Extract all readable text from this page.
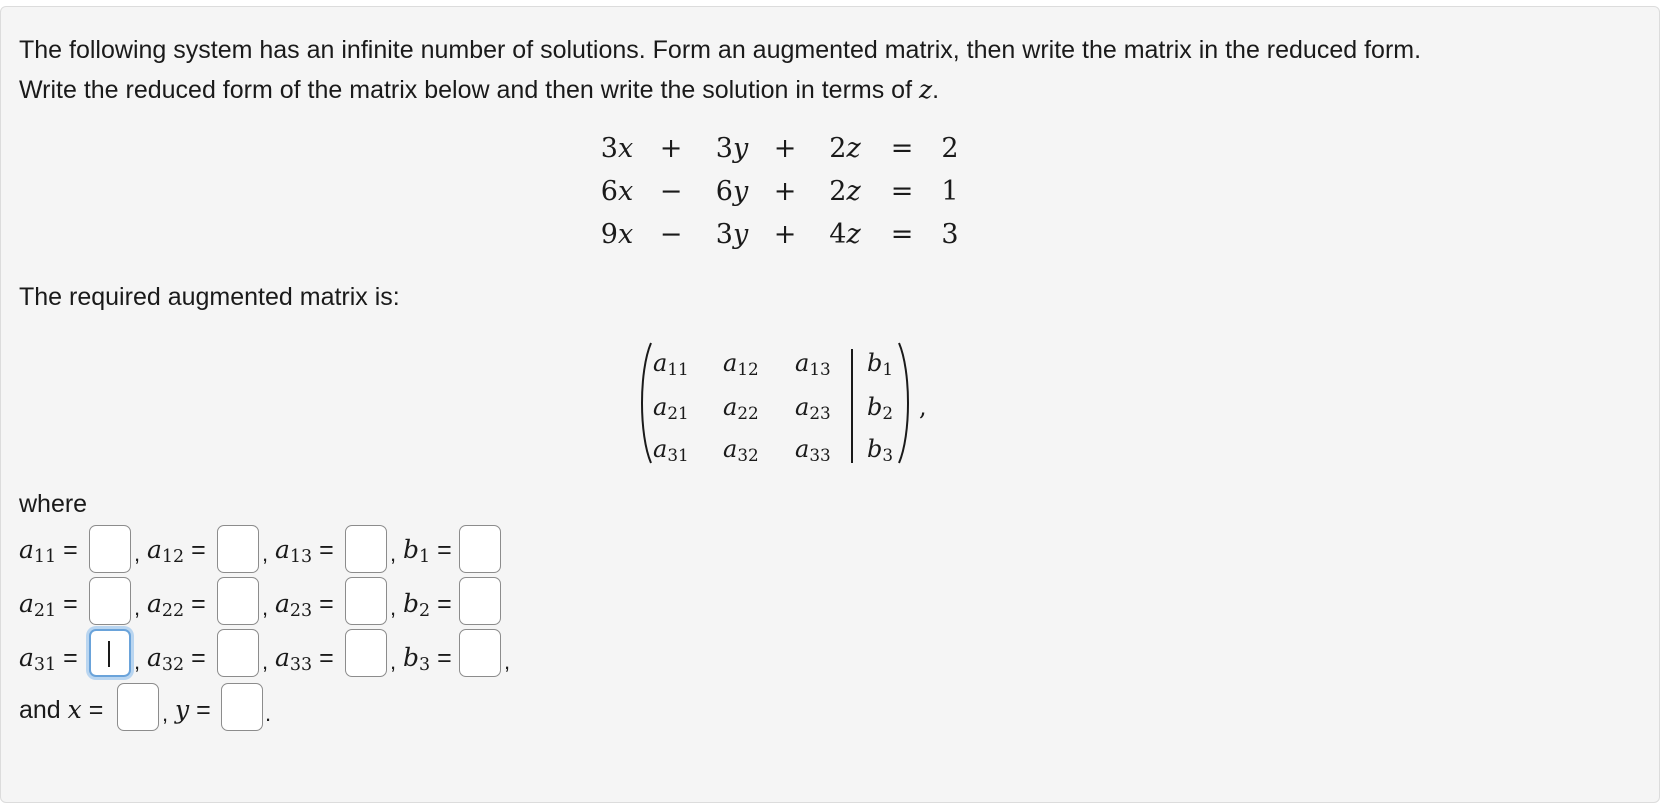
The following system has an infinite number of solutions. Form an augmented matrix, then write the matrix in the reduced form.
Write the reduced form of the matrix below and then write the solution in terms of z.
3x + 3y + 2z = 2
6x − 6y + 2z = 1
9x − 3y + 4z = 3
The required augmented matrix is:
a11 a12 a13 b1
a21 a22 a23 b2
a31 a32 a33 b3
,
where
a11 =	, a12 =	, a13 =	, b1 =
a21 =	, a22 =	, a23 =	, b2 =
a31 =	, a32 =	, a33 =	, b3 = ,
and x =	, y = .
